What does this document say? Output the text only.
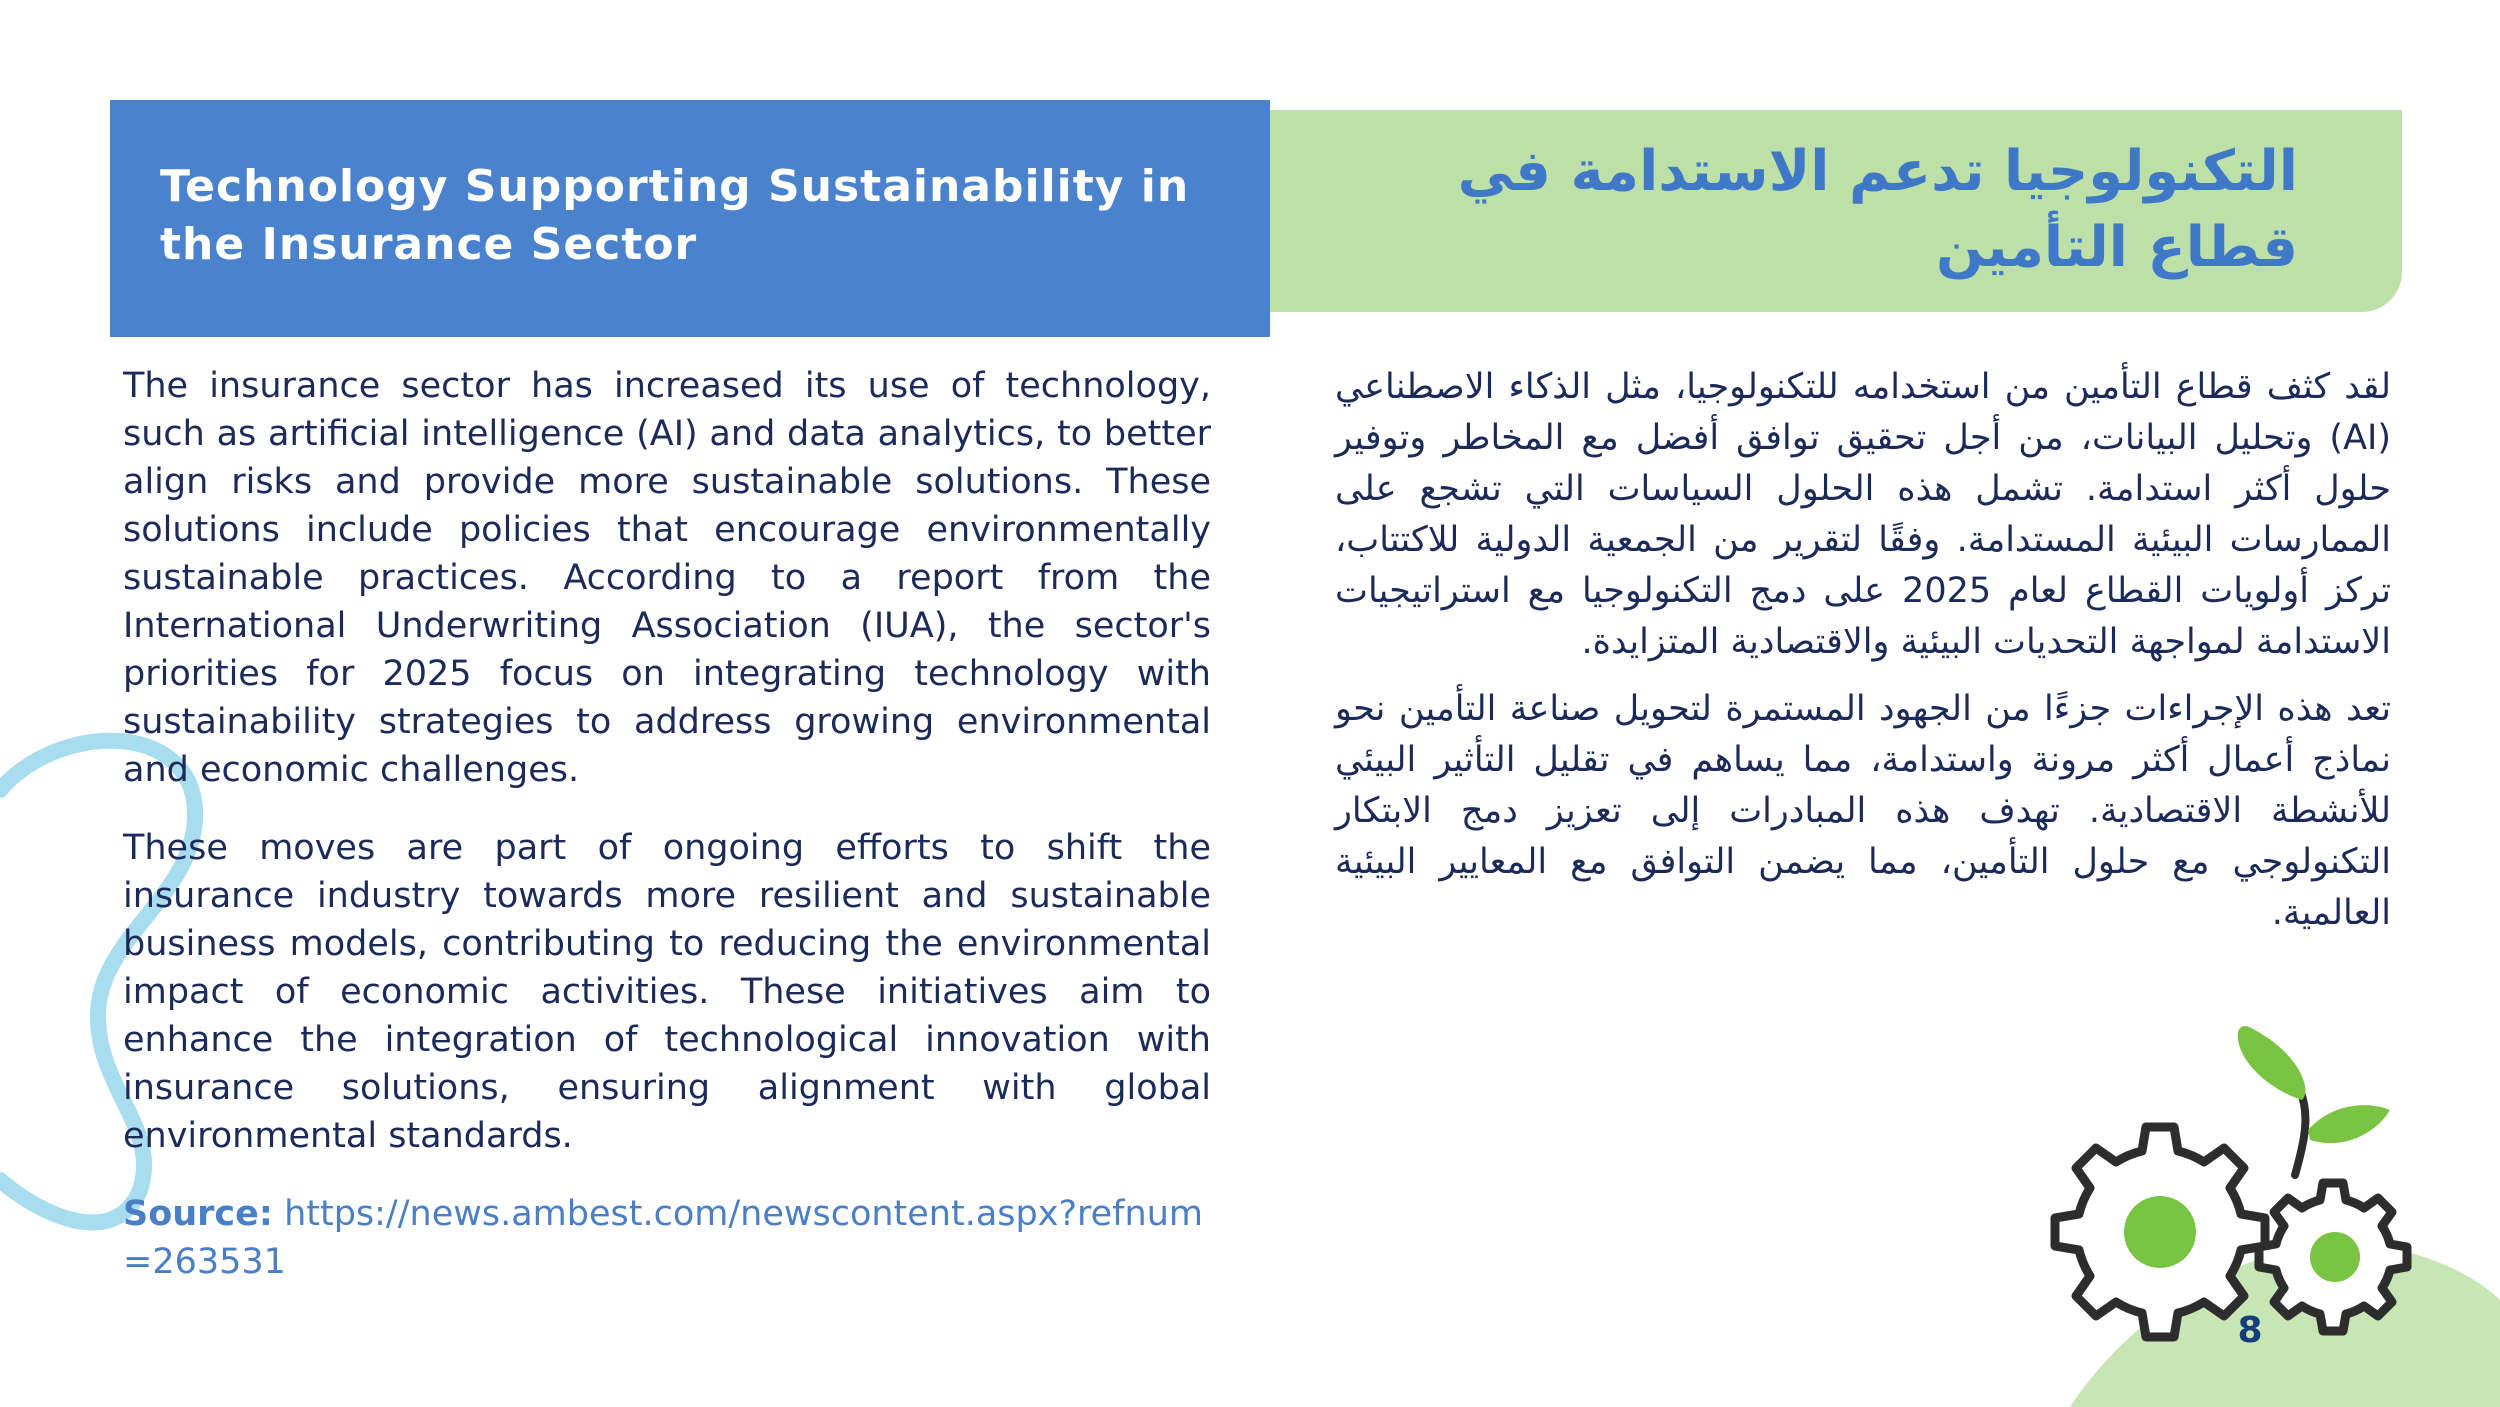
Technology Supporting Sustainability in the Insurance Sector
التكنولوجيا تدعم الاستدامة في قطاع التأمين

The insurance sector has increased its use of technology, such as artificial intelligence (AI) and data analytics, to better align risks and provide more sustainable solutions. These solutions include policies that encourage environmentally sustainable practices. According to a report from the International Underwriting Association (IUA), the sector's priorities for 2025 focus on integrating technology with sustainability strategies to address growing environmental and economic challenges.

These moves are part of ongoing efforts to shift the insurance industry towards more resilient and sustainable business models, contributing to reducing the environmental impact of economic activities. These initiatives aim to enhance the integration of technological innovation with insurance solutions, ensuring alignment with global environmental standards.

Source: https://news.ambest.com/newscontent.aspx?refnum=263531

لقد كثف قطاع التأمين من استخدامه للتكنولوجيا، مثل الذكاء الاصطناعي (AI) وتحليل البيانات، من أجل تحقيق توافق أفضل مع المخاطر وتوفير حلول أكثر استدامة. تشمل هذه الحلول السياسات التي تشجع على الممارسات البيئية المستدامة. وفقًا لتقرير من الجمعية الدولية للاكتتاب، تركز أولويات القطاع لعام 2025 على دمج التكنولوجيا مع استراتيجيات الاستدامة لمواجهة التحديات البيئية والاقتصادية المتزايدة.

تعد هذه الإجراءات جزءًا من الجهود المستمرة لتحويل صناعة التأمين نحو نماذج أعمال أكثر مرونة واستدامة، مما يساهم في تقليل التأثير البيئي للأنشطة الاقتصادية. تهدف هذه المبادرات إلى تعزيز دمج الابتكار التكنولوجي مع حلول التأمين، مما يضمن التوافق مع المعايير البيئية العالمية.

8
